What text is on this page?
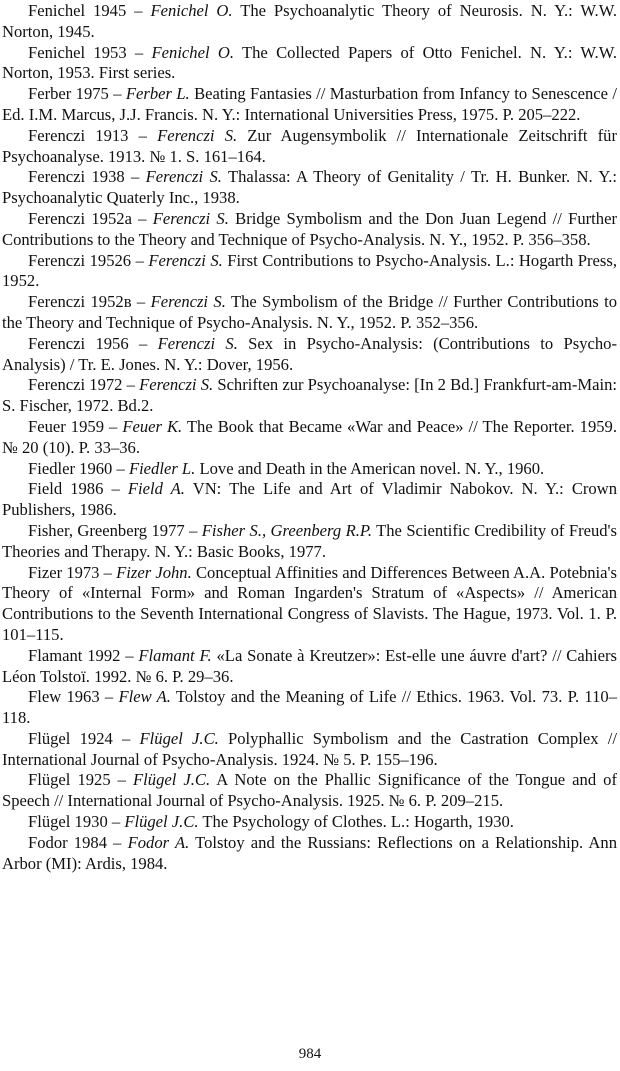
Fenichel 1945 – Fenichel O. The Psychoanalytic Theory of Neurosis. N. Y.: W.W. Norton, 1945.

Fenichel 1953 – Fenichel O. The Collected Papers of Otto Fenichel. N. Y.: W.W. Norton, 1953. First series.

Ferber 1975 – Ferber L. Beating Fantasies // Masturbation from Infancy to Senescence / Ed. I.M. Marcus, J.J. Francis. N. Y.: International Universities Press, 1975. P. 205–222.

Ferenczi 1913 – Ferenczi S. Zur Augensymbolik // Internationale Zeitschrift für Psychoanalyse. 1913. № 1. S. 161–164.

Ferenczi 1938 – Ferenczi S. Thalassa: A Theory of Genitality / Tr. H. Bunker. N. Y.: Psychoanalytic Quaterly Inc., 1938.

Ferenczi 1952a – Ferenczi S. Bridge Symbolism and the Don Juan Legend // Further Contributions to the Theory and Technique of Psycho-Analysis. N. Y., 1952. P. 356–358.

Ferenczi 19526 – Ferenczi S. First Contributions to Psycho-Analysis. L.: Hogarth Press, 1952.

Ferenczi 1952в – Ferenczi S. The Symbolism of the Bridge // Further Contributions to the Theory and Technique of Psycho-Analysis. N. Y., 1952. P. 352–356.

Ferenczi 1956 – Ferenczi S. Sex in Psycho-Analysis: (Contributions to Psycho-Analysis) / Tr. E. Jones. N. Y.: Dover, 1956.

Ferenczi 1972 – Ferenczi S. Schriften zur Psychoanalyse: [In 2 Bd.] Frankfurt-am-Main: S. Fischer, 1972. Bd.2.

Feuer 1959 – Feuer K. The Book that Became «War and Peace» // The Reporter. 1959. № 20 (10). P. 33–36.

Fiedler 1960 – Fiedler L. Love and Death in the American novel. N. Y., 1960.

Field 1986 – Field A. VN: The Life and Art of Vladimir Nabokov. N. Y.: Crown Publishers, 1986.

Fisher, Greenberg 1977 – Fisher S., Greenberg R.P. The Scientific Credibility of Freud's Theories and Therapy. N. Y.: Basic Books, 1977.

Fizer 1973 – Fizer John. Conceptual Affinities and Differences Between A.A. Potebnia's Theory of «Internal Form» and Roman Ingarden's Stratum of «Aspects» // American Contributions to the Seventh International Congress of Slavists. The Hague, 1973. Vol. 1. P. 101–115.

Flamant 1992 – Flamant F. «La Sonate à Kreutzer»: Est-elle une áuvre d'art? // Cahiers Léon Tolstoï. 1992. № 6. P. 29–36.

Flew 1963 – Flew A. Tolstoy and the Meaning of Life // Ethics. 1963. Vol. 73. P. 110–118.

Flügel 1924 – Flügel J.C. Polyphallic Symbolism and the Castration Complex // International Journal of Psycho-Analysis. 1924. № 5. P. 155–196.

Flügel 1925 – Flügel J.C. A Note on the Phallic Significance of the Tongue and of Speech // International Journal of Psycho-Analysis. 1925. № 6. P. 209–215.

Flügel 1930 – Flügel J.C. The Psychology of Clothes. L.: Hogarth, 1930.

Fodor 1984 – Fodor A. Tolstoy and the Russians: Reflections on a Relationship. Ann Arbor (MI): Ardis, 1984.

984
